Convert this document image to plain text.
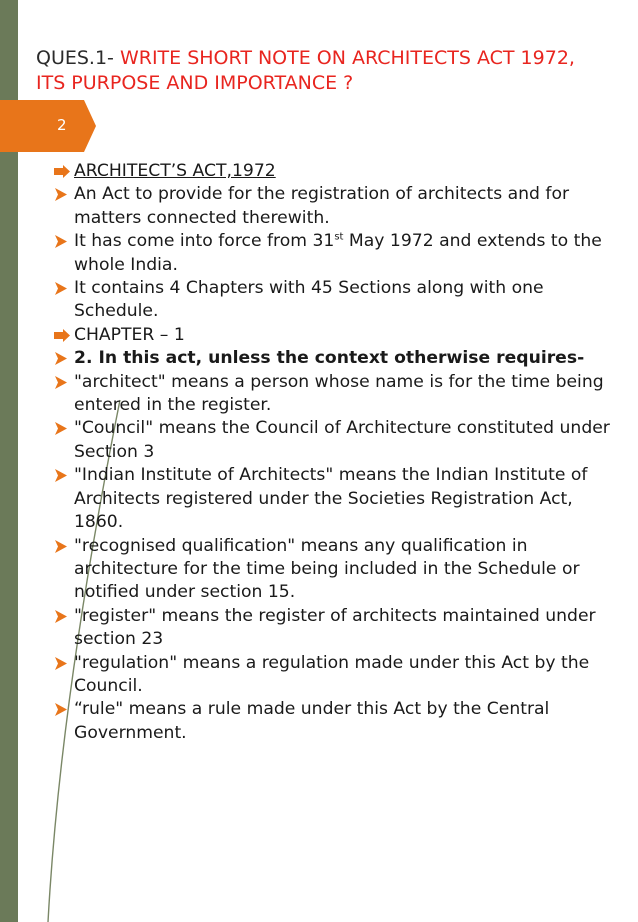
QUES.1- WRITE SHORT NOTE ON ARCHITECTS ACT 1972, ITS PURPOSE AND IMPORTANCE ?
2
ARCHITECT’S ACT,1972
An Act to provide for the registration of architects and for matters connected therewith.
It has come into force from 31st May 1972 and extends to the whole India.
It contains 4 Chapters with 45 Sections along with one Schedule.
CHAPTER – 1
2. In this act, unless the context otherwise requires-
"architect" means a person whose name is for the time being entered in the register.
"Council" means the Council of Architecture constituted under Section 3
"Indian Institute of Architects" means the Indian Institute of Architects registered under the Societies Registration Act, 1860.
"recognised qualification" means any qualification in architecture for the time being included in the Schedule or notified under section 15.
"register" means the register of architects maintained under section 23
"regulation" means a regulation made under this Act by the Council.
“rule" means a rule made under this Act by the Central Government.
